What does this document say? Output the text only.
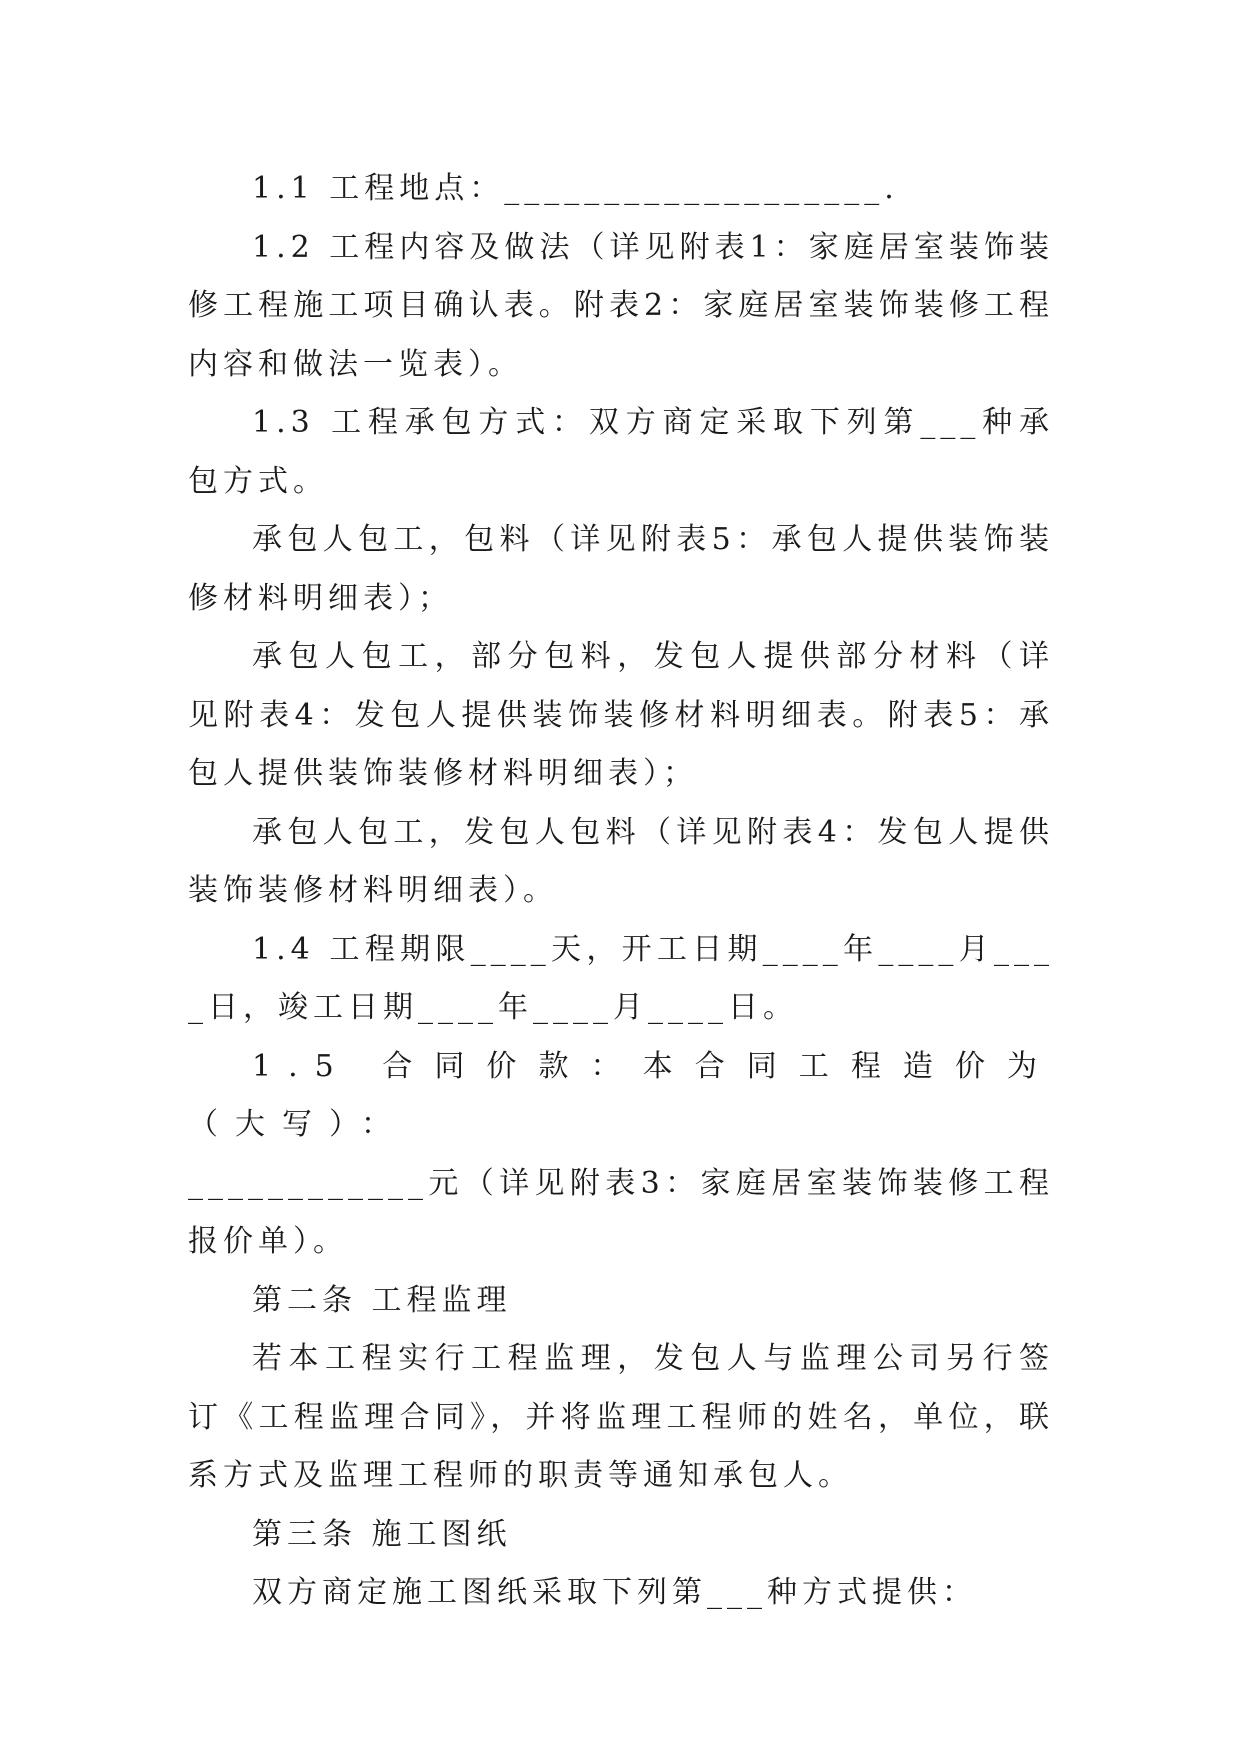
1.1 工程地点：___________________.

1.2 工程内容及做法（详见附表1：家庭居室装饰装修工程施工项目确认表。附表2：家庭居室装饰装修工程内容和做法一览表）。

1.3 工程承包方式：双方商定采取下列第___种承包方式。

承包人包工，包料（详见附表5：承包人提供装饰装修材料明细表）；

承包人包工，部分包料，发包人提供部分材料（详见附表4：发包人提供装饰装修材料明细表。附表5：承包人提供装饰装修材料明细表）；

承包人包工，发包人包料（详见附表4：发包人提供装饰装修材料明细表）。

1.4 工程期限____天，开工日期____年____月____日，竣工日期____年____月____日。

1.5 合同价款：本合同工程造价为（大写）：

____________元（详见附表3：家庭居室装饰装修工程报价单）。

第二条 工程监理

若本工程实行工程监理，发包人与监理公司另行签订《工程监理合同》，并将监理工程师的姓名，单位，联系方式及监理工程师的职责等通知承包人。

第三条 施工图纸

双方商定施工图纸采取下列第___种方式提供：
